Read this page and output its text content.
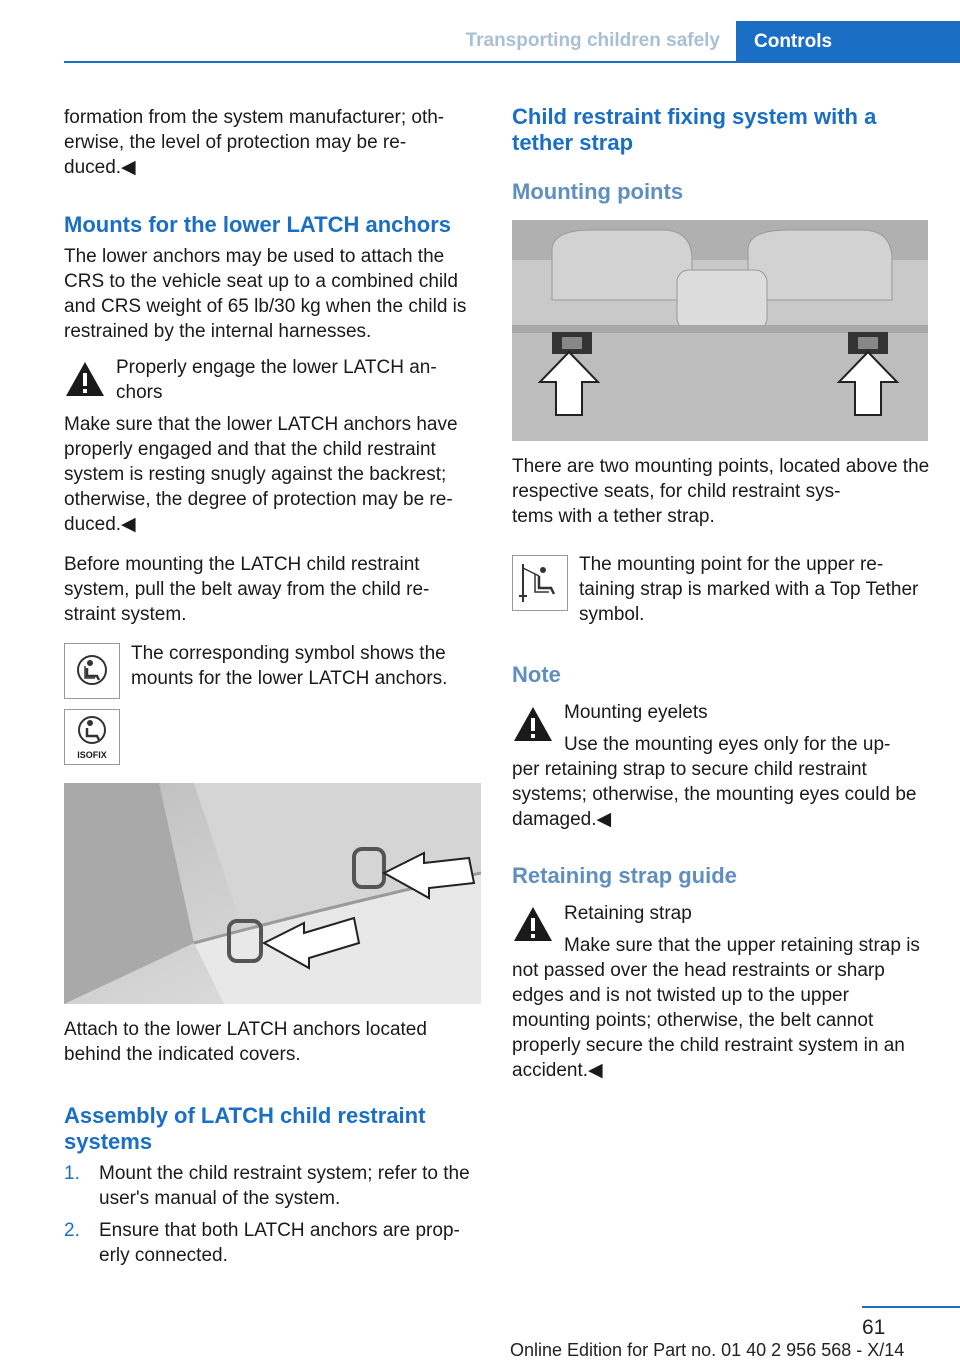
Transporting children safely	Controls
formation from the system manufacturer; oth-
erwise, the level of protection may be re-
duced.◀
Mounts for the lower LATCH anchors
The lower anchors may be used to attach the CRS to the vehicle seat up to a combined child and CRS weight of 65 lb/30 kg when the child is restrained by the internal harnesses.
Properly engage the lower LATCH an-
chors
Make sure that the lower LATCH anchors have properly engaged and that the child restraint system is resting snugly against the backrest; otherwise, the degree of protection may be re-
duced.◀
Before mounting the LATCH child restraint system, pull the belt away from the child re-
straint system.
The corresponding symbol shows the mounts for the lower LATCH anchors.
ISOFIX
Attach to the lower LATCH anchors located behind the indicated covers.
Assembly of LATCH child restraint systems
1. Mount the child restraint system; refer to the user's manual of the system.
2. Ensure that both LATCH anchors are prop-
erly connected.
Child restraint fixing system with a tether strap
Mounting points
There are two mounting points, located above the respective seats, for child restraint sys-
tems with a tether strap.
The mounting point for the upper re-
taining strap is marked with a Top Tether symbol.
Note
Mounting eyelets
Use the mounting eyes only for the up-
per retaining strap to secure child restraint systems; otherwise, the mounting eyes could be damaged.◀
Retaining strap guide
Retaining strap
Make sure that the upper retaining strap is not passed over the head restraints or sharp edges and is not twisted up to the upper mounting points; otherwise, the belt cannot properly secure the child restraint system in an accident.◀
61
Online Edition for Part no. 01 40 2 956 568 - X/14
